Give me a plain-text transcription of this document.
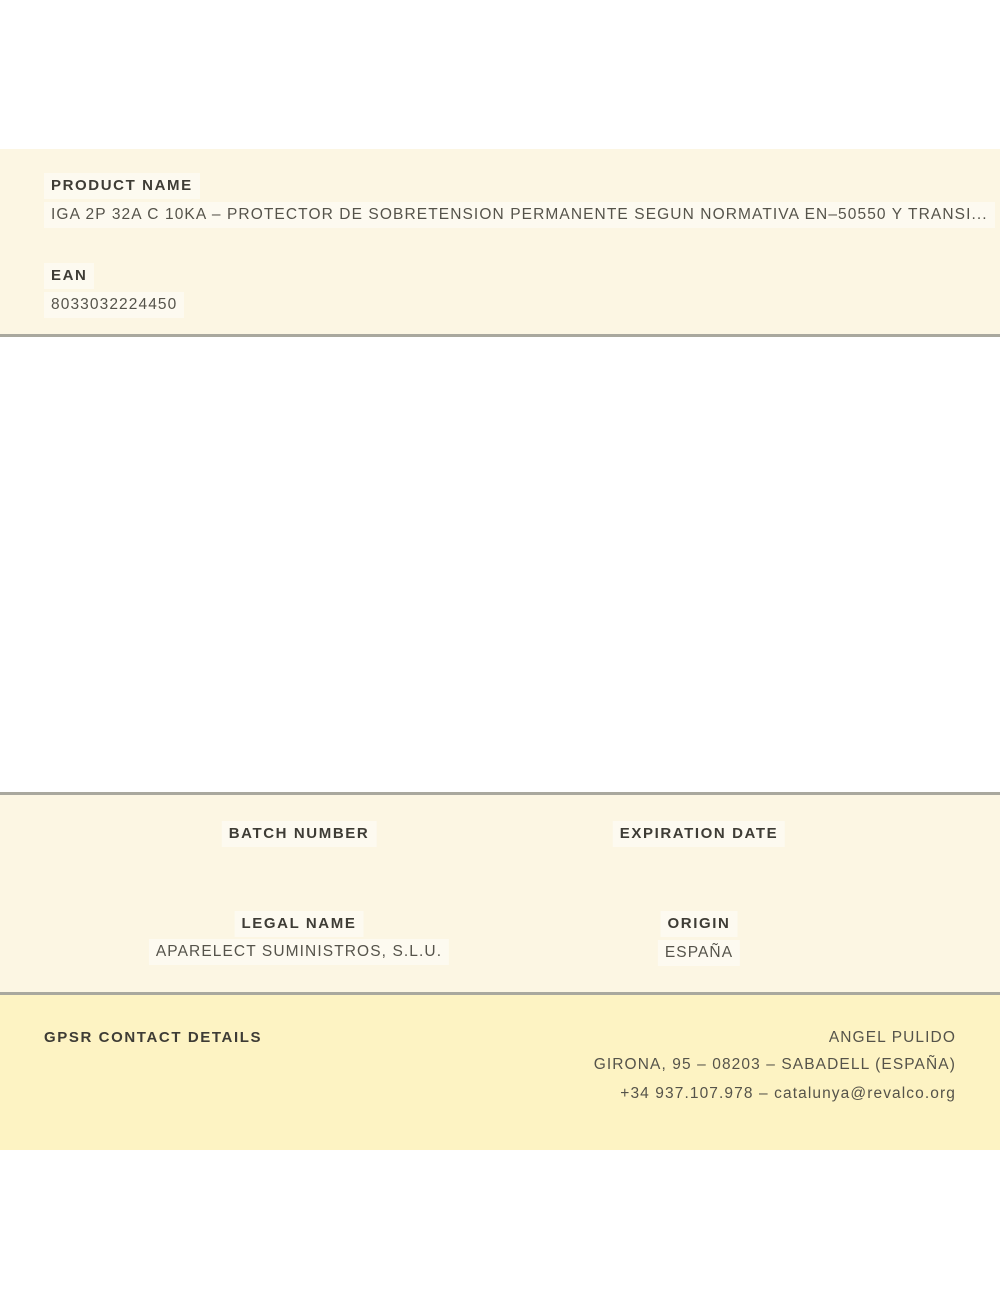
PRODUCT NAME
IGA 2P 32A C 10KA – PROTECTOR DE SOBRETENSION PERMANENTE SEGUN NORMATIVA EN–50550 Y TRANSI...
EAN
8033032224450
BATCH NUMBER	EXPIRATION DATE
LEGAL NAME
APARELECT SUMINISTROS, S.L.U.
ORIGIN
ESPAÑA
GPSR CONTACT DETAILS	ANGEL PULIDO
GIRONA, 95 – 08203 – SABADELL (ESPAÑA)
+34 937.107.978 – catalunya@revalco.org
